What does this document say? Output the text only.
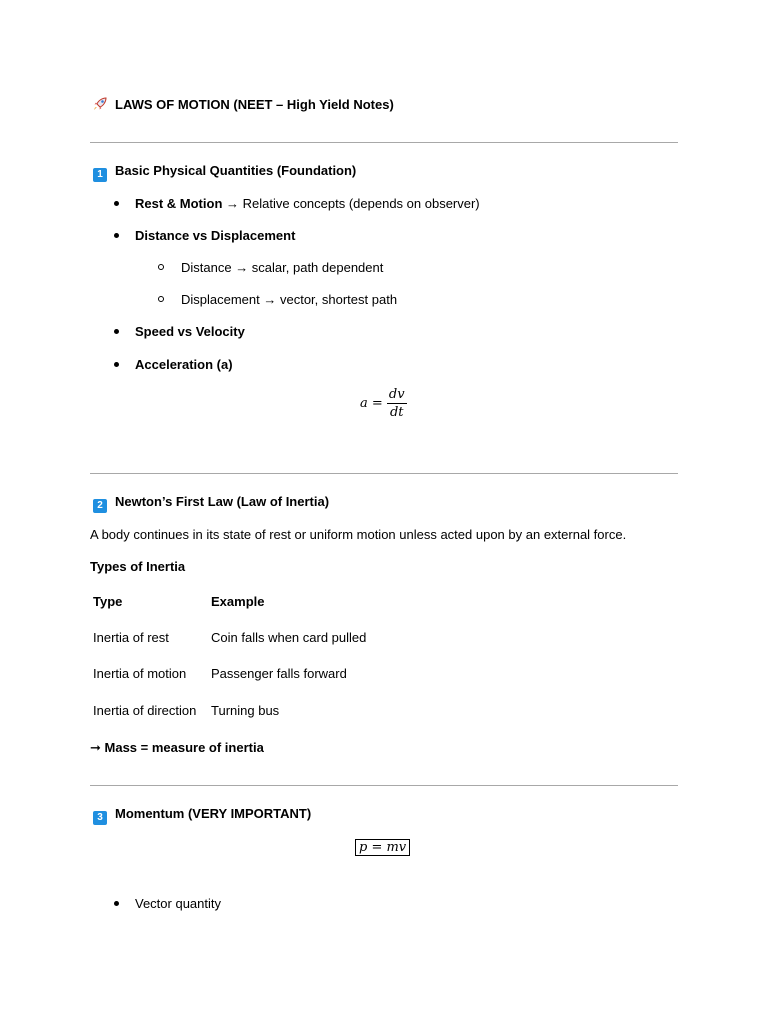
LAWS OF MOTION (NEET – High Yield Notes)
1 Basic Physical Quantities (Foundation)
Rest & Motion → Relative concepts (depends on observer)
Distance vs Displacement
Distance → scalar, path dependent
Displacement → vector, shortest path
Speed vs Velocity
Acceleration (a)
$a = \frac{dv}{dt}$
2 Newton’s First Law (Law of Inertia)
A body continues in its state of rest or uniform motion unless acted upon by an external force.
Types of Inertia
Type	Example
Inertia of rest	Coin falls when card pulled
Inertia of motion Passenger falls forward
Inertia of direction Turning bus
➞ Mass = measure of inertia
3 Momentum (VERY IMPORTANT)
p = mv
Vector quantity
